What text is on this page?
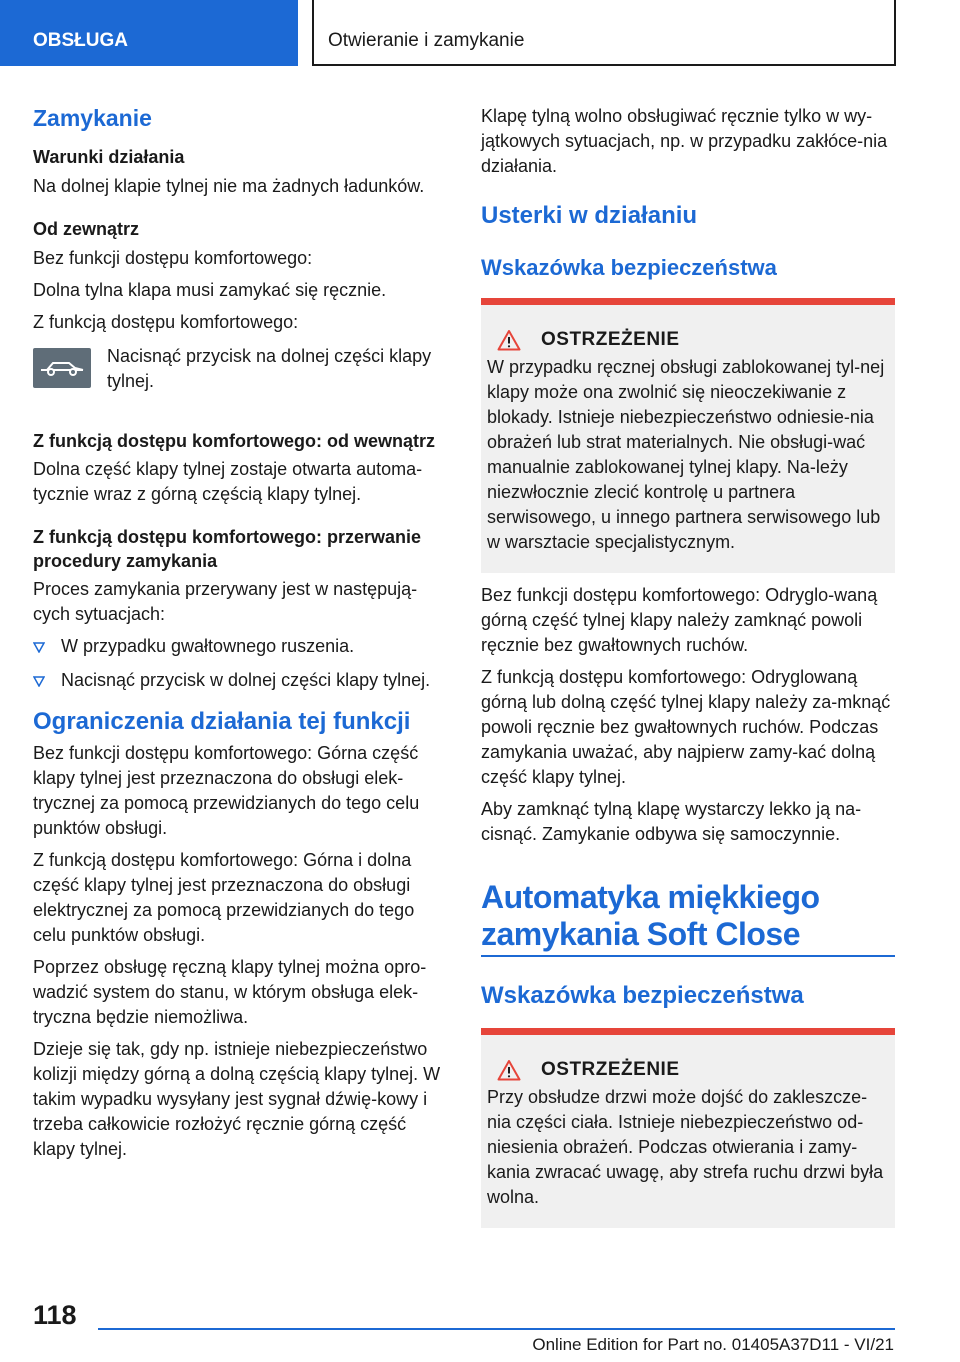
OBSŁUGA	Otwieranie i zamykanie
Zamykanie
Warunki działania

Na dolnej klapie tylnej nie ma żadnych ładunków.

Od zewnątrz

Bez funkcji dostępu komfortowego:

Dolna tylna klapa musi zamykać się ręcznie.

Z funkcją dostępu komfortowego:

Nacisnąć przycisk na dolnej części klapy tylnej.

Z funkcją dostępu komfortowego: od wewnątrz

Dolna część klapy tylnej zostaje otwarta automa-tycznie wraz z górną częścią klapy tylnej.

Z funkcją dostępu komfortowego: przerwanie procedury zamykania

Proces zamykania przerywany jest w następują-cych sytuacjach:

W przypadku gwałtownego ruszenia.
Nacisnąć przycisk w dolnej części klapy tylnej.
Ograniczenia działania tej funkcji

Bez funkcji dostępu komfortowego: Górna część klapy tylnej jest przeznaczona do obsługi elek-trycznej za pomocą przewidzianych do tego celu punktów obsługi.

Z funkcją dostępu komfortowego: Górna i dolna część klapy tylnej jest przeznaczona do obsługi elektrycznej za pomocą przewidzianych do tego celu punktów obsługi.

Poprzez obsługę ręczną klapy tylnej można opro-wadzić system do stanu, w którym obsługa elek-tryczna będzie niemożliwa.

Dzieje się tak, gdy np. istnieje niebezpieczeństwo kolizji między górną a dolną częścią klapy tylnej. W takim wypadku wysyłany jest sygnał dźwię-kowy i trzeba całkowicie rozłożyć ręcznie górną część klapy tylnej.

Klapę tylną wolno obsługiwać ręcznie tylko w wy-jątkowych sytuacjach, np. w przypadku zakłóce-nia działania.

Usterki w działaniu
Wskazówka bezpieczeństwa
OSTRZEŻENIE

W przypadku ręcznej obsługi zablokowanej tyl-nej klapy może ona zwolnić się nieoczekiwanie z blokady. Istnieje niebezpieczeństwo odniesie-nia obrażeń lub strat materialnych. Nie obsługi-wać manualnie zablokowanej tylnej klapy. Na-leży niezwłocznie zlecić kontrolę u partnera serwisowego, u innego partnera serwisowego lub w warsztacie specjalistycznym.

Bez funkcji dostępu komfortowego: Odryglo-waną górną część tylnej klapy należy zamknąć powoli ręcznie bez gwałtownych ruchów.

Z funkcją dostępu komfortowego: Odryglowaną górną lub dolną część tylnej klapy należy za-mknąć powoli ręcznie bez gwałtownych ruchów. Podczas zamykania uważać, aby najpierw zamy-kać dolną część klapy tylnej.

Aby zamknąć tylną klapę wystarczy lekko ją na-cisnąć. Zamykanie odbywa się samoczynnie.

Automatyka miękkiego zamykania Soft Close
Wskazówka bezpieczeństwa
OSTRZEŻENIE

Przy obsłudze drzwi może dojść do zakleszcze-nia części ciała. Istnieje niebezpieczeństwo od-niesienia obrażeń. Podczas otwierania i zamy-kania zwracać uwagę, aby strefa ruchu drzwi była wolna.

118
Online Edition for Part no. 01405A37D11 - VI/21
